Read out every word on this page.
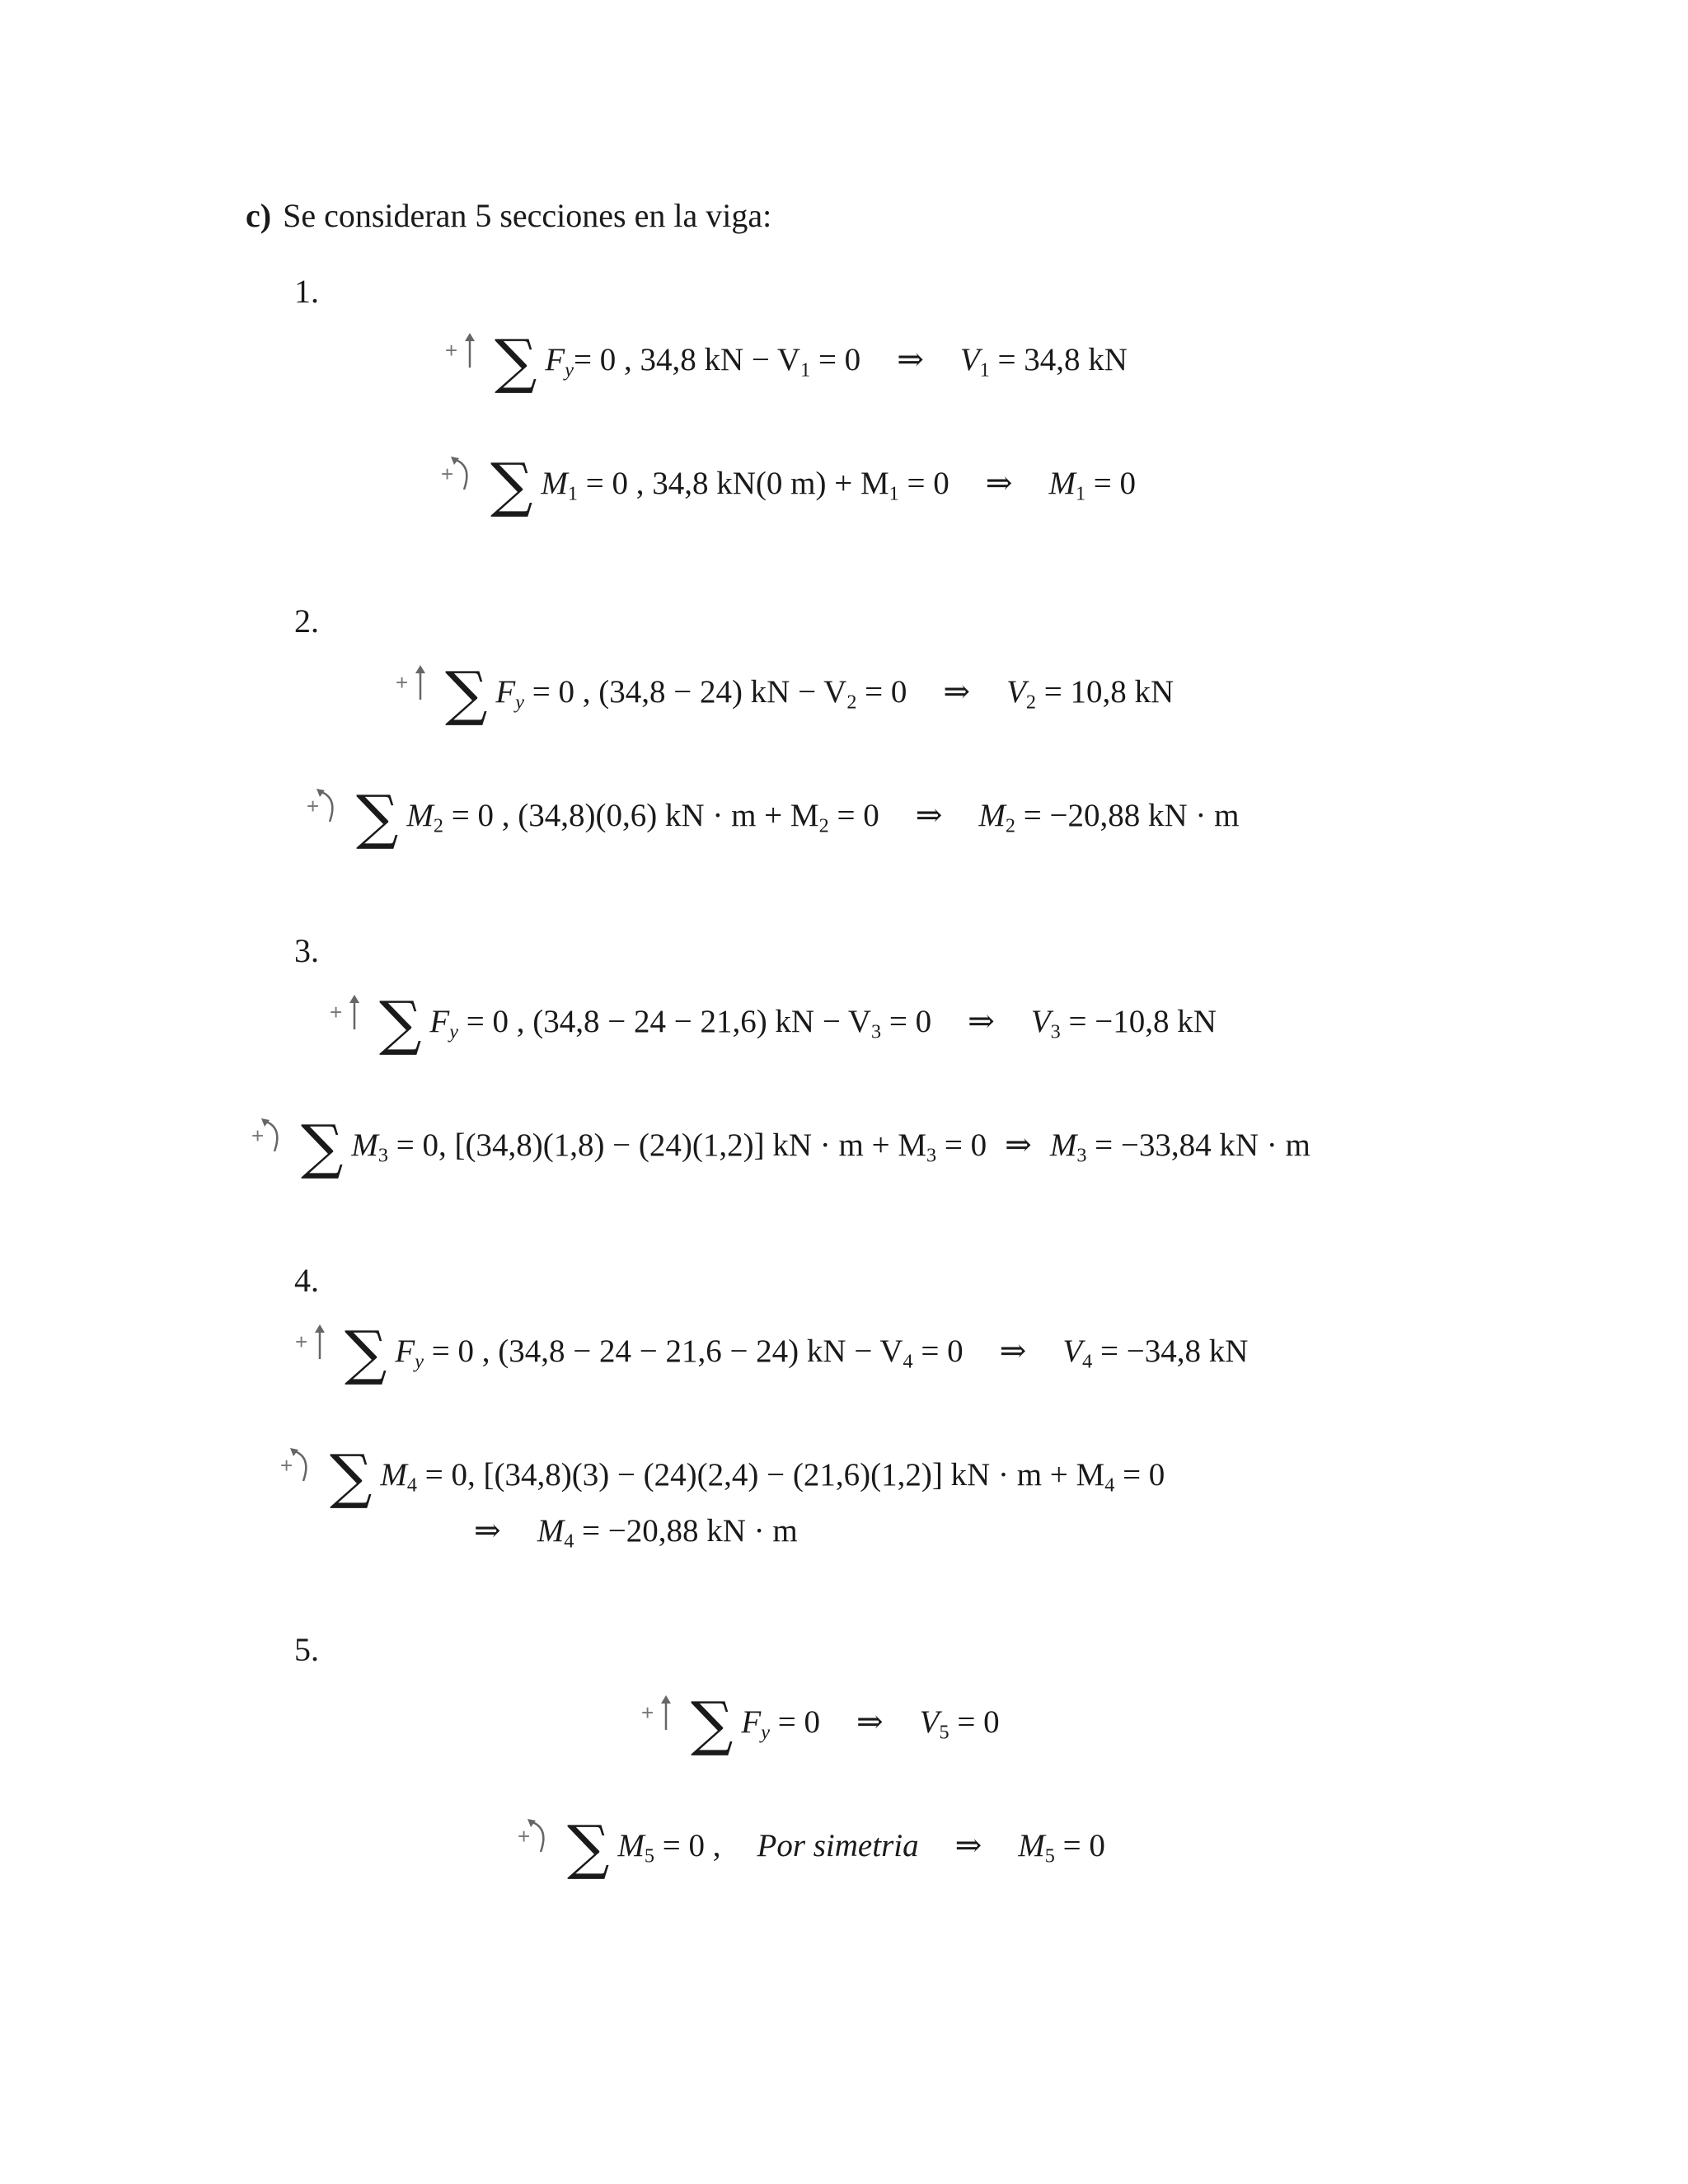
c) Se consideran 5 secciones en la viga:
1.
+ ∑ $F_y= 0$ , 34,8 kN − $V_1 = 0$ ⇒ $V_1 = 34,8$ kN
+ ∑ $M_1 = 0$ , 34,8 kN(0 $m) + M_1 = 0$ ⇒ $M_1 = 0$
2.
+ ∑ $F_y = 0$ , (34,8 − 24) kN − $V_2 = 0$ ⇒ $V_2 = 10,8$ kN
+ ∑ $M_2 = 0$ , (34,8)(0,6) kN · $m + M_2 = 0$ ⇒ $M_2 = -20,88$ kN · m
3.
+ ∑ $F_y = 0$ , (34,8 − 24 − 21,6) kN − $V_3 = 0$ ⇒ $V_3 = -10,8$ kN
+ ∑ $M_3 = 0$, [(34,8)(1,8) − (24)(1,2)] kN · $m + M_3 = 0$ ⇒ $M_3 = -33,84$ kN · m
4.
+ ∑ $F_y = 0$ , (34,8 − 24 − 21,6 − 24) kN − $V_4 = 0$ ⇒ $V_4 = -34,8$ kN
+ ∑ $M_4 = 0$, [(34,8)(3) − (24)(2,4) − (21,6)(1,2)] kN · $m + M_4 = 0$
⇒ $M_4 = -20,88$ kN · m
5.
+ ∑ $F_y = 0$ ⇒ $V_5 = 0$
+ ∑ $M_5 = 0$ , Por simetria ⇒ $M_5 = 0$
